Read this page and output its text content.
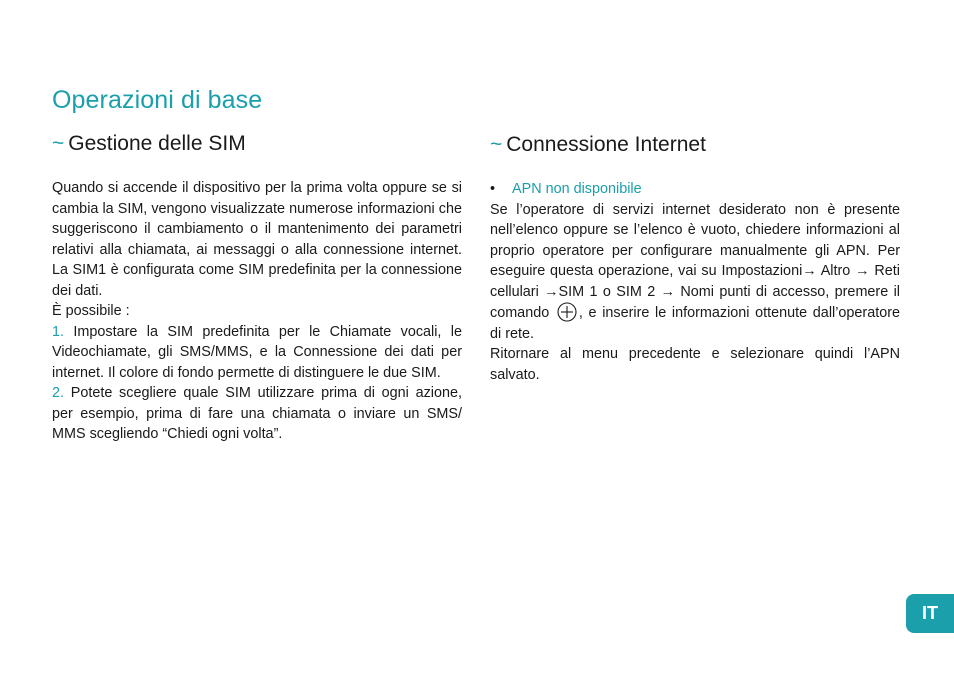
Operazioni di base
~ Gestione delle SIM

Quando si accende il dispositivo per la prima volta oppure se si cambia la SIM, vengono visualizzate numerose informazioni che suggeriscono il cambiamento o il mantenimento dei parametri relativi alla chiamata, ai messaggi o alla connessione internet. La SIM1 è configurata come SIM predefinita per la connessione dei dati.

È possibile :

1. Impostare la SIM predefinita per le Chiamate vocali, le Videochiamate, gli SMS/MMS, e la Connessione dei dati per internet. Il colore di fondo permette di distinguere le due SIM.

2. Potete scegliere quale SIM utilizzare prima di ogni azione, per esempio, prima di fare una chiamata o inviare un SMS/ MMS scegliendo “Chiedi ogni volta”.

~ Connessione Internet

• APN non disponibile

Se l’operatore di servizi internet desiderato non è presente nell’elenco oppure se l’elenco è vuoto, chiedere informazioni al proprio operatore per configurare manualmente gli APN. Per eseguire questa operazione, vai su Impostazioni→ Altro → Reti cellulari →SIM 1 o SIM 2 → Nomi punti di accesso, premere il comando , e inserire le informazioni ottenute dall’operatore di rete.

Ritornare al menu precedente e selezionare quindi l’APN salvato.

IT
